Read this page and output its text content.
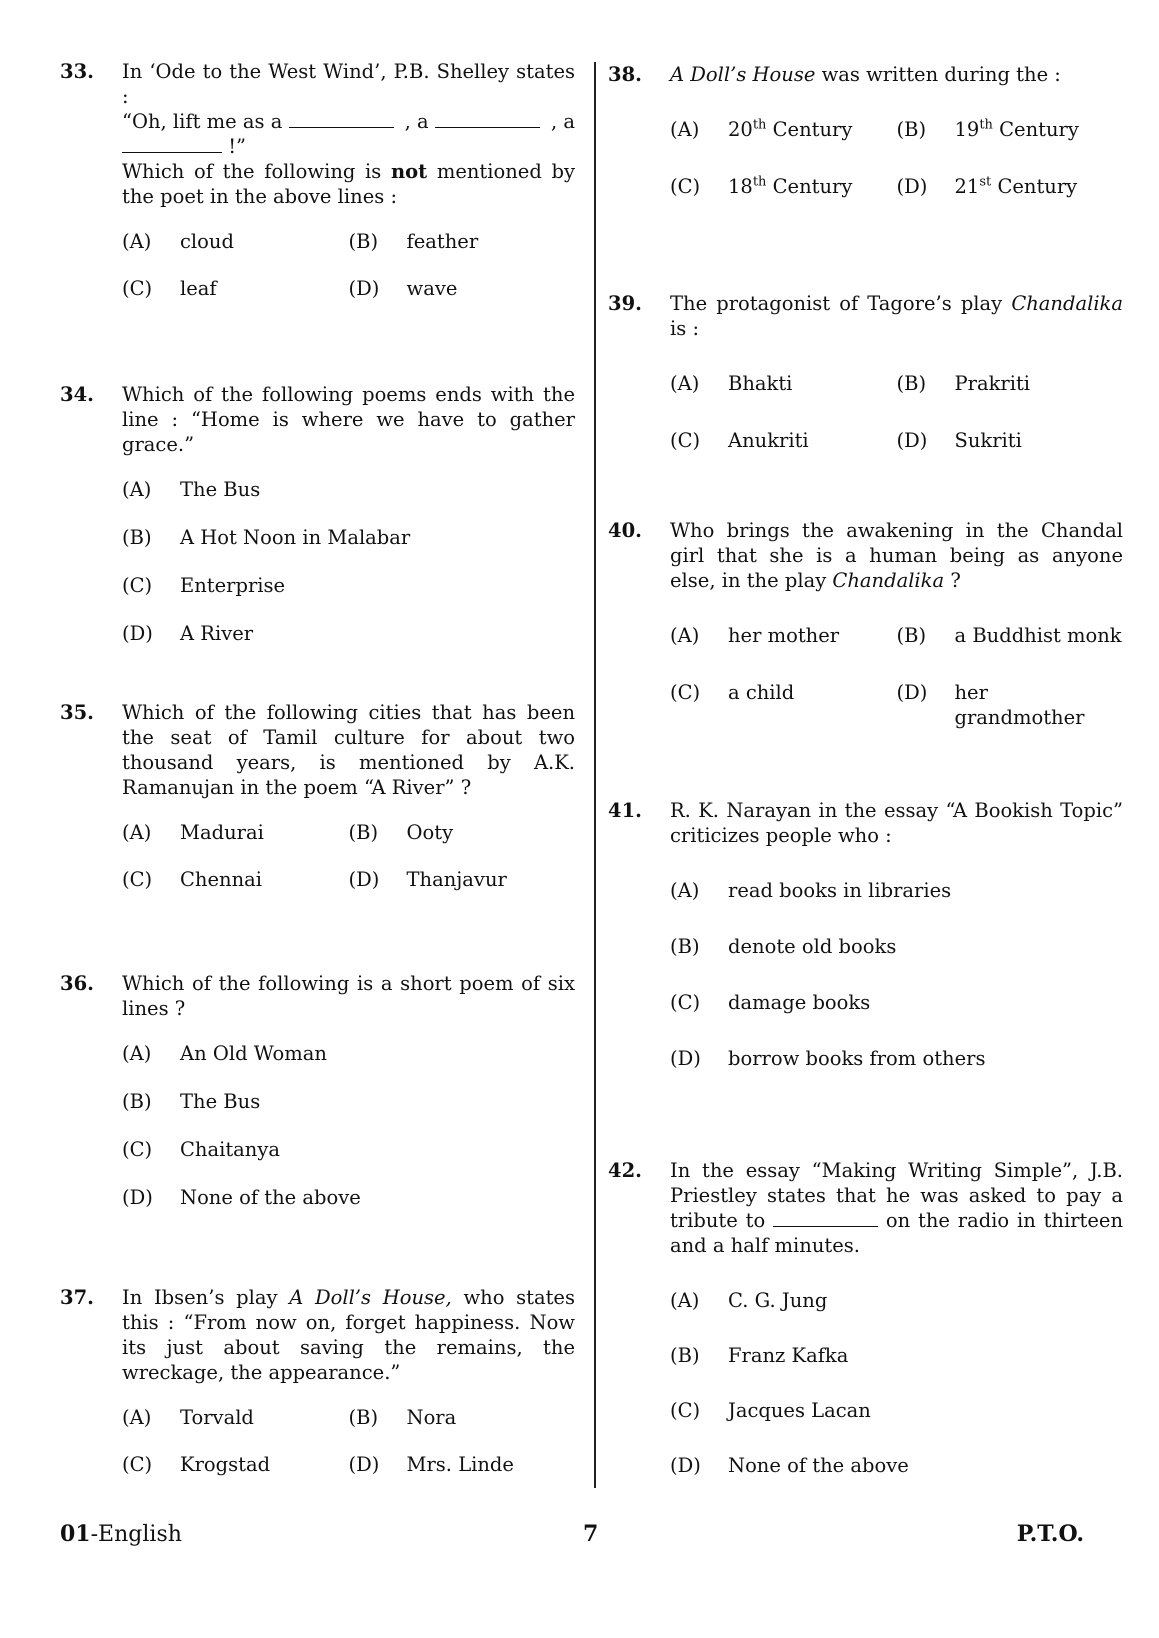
33. In ‘Ode to the West Wind’, P.B. Shelley states :

“Oh, lift me as a	, a	, a

!”

Which of the following is not mentioned by the poet in the above lines :

(A)	cloud	(B)	feather
(C)	leaf	(D)	wave
34. Which of the following poems ends with the line : “Home is where we have to gather grace.”
(A)	The Bus
(B)	A Hot Noon in Malabar
(C)	Enterprise
(D)	A River
35. Which of the following cities that has been the seat of Tamil culture for about two thousand years, is mentioned by A.K. Ramanujan in the poem “A River” ?
(A)	Madurai	(B)	Ooty
(C)	Chennai	(D)	Thanjavur
36. Which of the following is a short poem of six lines ?
(A)	An Old Woman
(B)	The Bus
(C)	Chaitanya
(D)	None of the above
37. In Ibsen’s play A Doll’s House, who states this : “From now on, forget happiness. Now its just about saving the remains, the wreckage, the appearance.”
(A)	Torvald	(B)	Nora
(C)	Krogstad	(D)	Mrs. Linde
38. A Doll’s House was written during the :
(A)	20th Century (B)	19th Century
(C)	18th Century (D)	21st Century
39. The protagonist of Tagore’s play Chandalika is :
(A)	Bhakti	(B)	Prakriti
(C)	Anukriti	(D)	Sukriti
40. Who brings the awakening in the Chandal girl that she is a human being as anyone else, in the play Chandalika ?
(A)	her mother	(B)	a Buddhist monk
(C)	a child	(D)	her grandmother
41. R. K. Narayan in the essay “A Bookish Topic” criticizes people who :
(A)	read books in libraries
(B)	denote old books
(C)	damage books
(D)	borrow books from others
42. In the essay “Making Writing Simple”, J.B. Priestley states that he was asked to pay a tribute to	on the radio in thirteen and a half minutes.
(A)	C. G. Jung
(B)	Franz Kafka
(C)	Jacques Lacan
(D)	None of the above
01-English	7	P.T.O.
